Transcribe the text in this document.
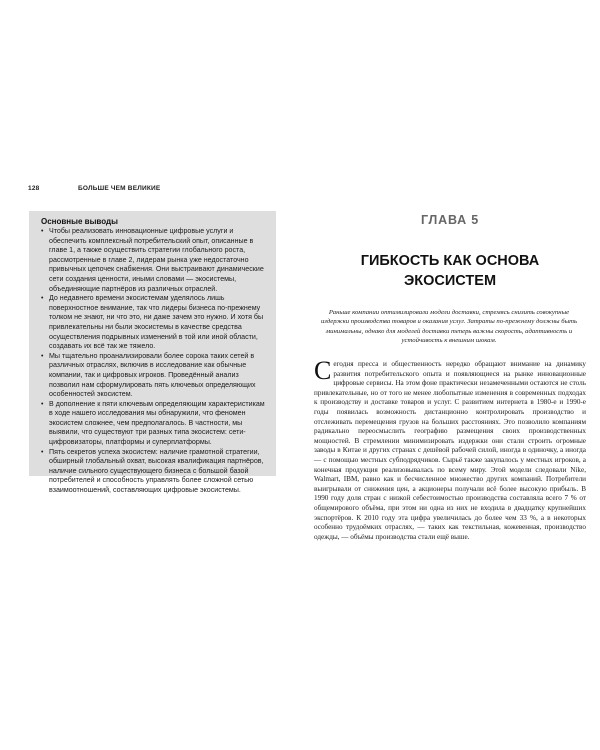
128	БОЛЬШЕ ЧЕМ ВЕЛИКИЕ
Основные выводы
• Чтобы реализовать инновационные цифровые услуги и обеспечить комплексный потребительский опыт, описанные в главе 1, а также осуществить стратегии глобального роста, рассмотренные в главе 2, лидерам рынка уже недостаточно привычных цепочек снабжения. Они выстраивают динамические сети создания ценности, иными словами — экосистемы, объединяющие партнёров из различных отраслей.
• До недавнего времени экосистемам уделялось лишь поверхностное внимание, так что лидеры бизнеса по-прежнему толком не знают, ни что это, ни даже зачем это нужно. И хотя бы привлекательны ни были экосистемы в качестве средства осуществления подрывных изменений в той или иной области, создавать их всё так же тяжело.
• Мы тщательно проанализировали более сорока таких сетей в различных отраслях, включив в исследование как обычные компании, так и цифровых игроков. Проведённый анализ позволил нам сформулировать пять ключевых определяющих особенностей экосистем.
• В дополнение к пяти ключевым определяющим характеристикам в ходе нашего исследования мы обнаружили, что феномен экосистем сложнее, чем предполагалось. В частности, мы выявили, что существуют три разных типа экосистем: сети-цифровизаторы, платформы и суперплатформы.
• Пять секретов успеха экосистем: наличие грамотной стратегии, обширный глобальный охват, высокая квалификация партнёров, наличие сильного существующего бизнеса с большой базой потребителей и способность управлять более сложной сетью взаимоотношений, составляющих цифровые экосистемы.
ГЛАВА 5
ГИБКОСТЬ КАК ОСНОВА ЭКОСИСТЕМ
Раньше компании оптимизировали модели доставки, стремясь снизить совокупные издержки производства товаров и оказания услуг. Затраты по-прежнему должны быть минимальны, однако для моделей доставки теперь важны скорость, адаптивность и устойчивость к внешним шокам.
Сегодня пресса и общественность нередко обращают внимание на динамику развития потребительского опыта и появляющиеся на рынке инновационные цифровые сервисы. На этом фоне практически незамеченными остаются не столь привлекательные, но от того не менее любопытные изменения в современных подходах к производству и доставке товаров и услуг. С развитием интернета в 1980-е и 1990-е годы появилась возможность дистанционно контролировать производство и отслеживать перемещения грузов на больших расстояниях. Это позволило компаниям радикально переосмыслить географию размещения своих производственных мощностей. В стремлении минимизировать издержки они стали строить огромные заводы в Китае и других странах с дешёвой рабочей силой, иногда в одиночку, а иногда — с помощью местных субподрядчиков. Сырьё также закупалось у местных игроков, а конечная продукция реализовывалась по всему миру. Этой модели следовали Nike, Walmart, IBM, равно как и бесчисленное множество других компаний. Потребители выигрывали от снижения цен, а акционеры получали всё более высокую прибыль. В 1990 году доля стран с низкой себестоимостью производства составляла всего 7 % от общемирового объёма, при этом ни одна из них не входила в двадцатку крупнейших экспортёров. К 2010 году эта цифра увеличилась до более чем 33 %, а в некоторых особенно трудоёмких отраслях, — таких как текстильная, кожевенная, производство одежды, — объёмы производства стали ещё выше.
